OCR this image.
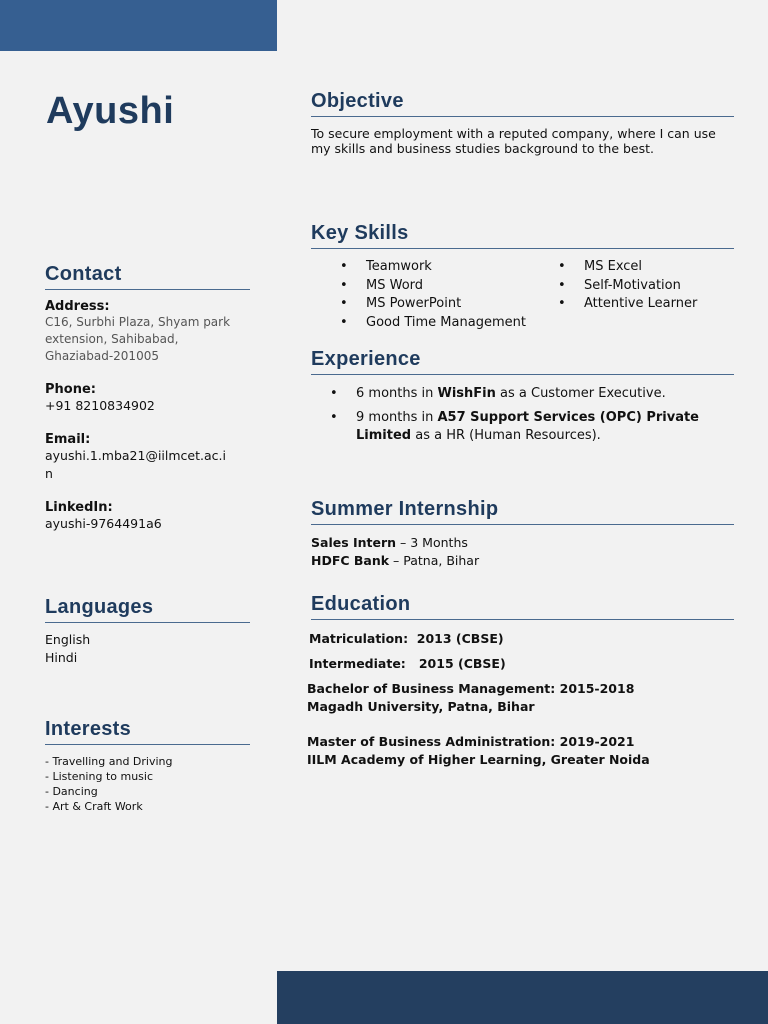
Ayushi
Contact
Address:
C16, Surbhi Plaza, Shyam park extension, Sahibabad, Ghaziabad-201005
Phone:
+91 8210834902
Email:
ayushi.1.mba21@iilmcet.ac.in
LinkedIn:
ayushi-9764491a6
Languages
English
Hindi
Interests
- Travelling and Driving
- Listening to music
- Dancing
- Art & Craft Work
Objective
To secure employment with a reputed company, where I can use my skills and business studies background to the best.
Key Skills
• Teamwork	• MS Excel
• MS Word	• Self-Motivation
• MS PowerPoint	• Attentive Learner
• Good Time Management
Experience
• 6 months in WishFin as a Customer Executive.
• 9 months in A57 Support Services (OPC) Private Limited as a HR (Human Resources).
Summer Internship
Sales Intern – 3 Months
HDFC Bank – Patna, Bihar
Education
Matriculation:  2013 (CBSE)
Intermediate:   2015 (CBSE)
Bachelor of Business Management: 2015-2018
Magadh University, Patna, Bihar
Master of Business Administration: 2019-2021
IILM Academy of Higher Learning, Greater Noida
